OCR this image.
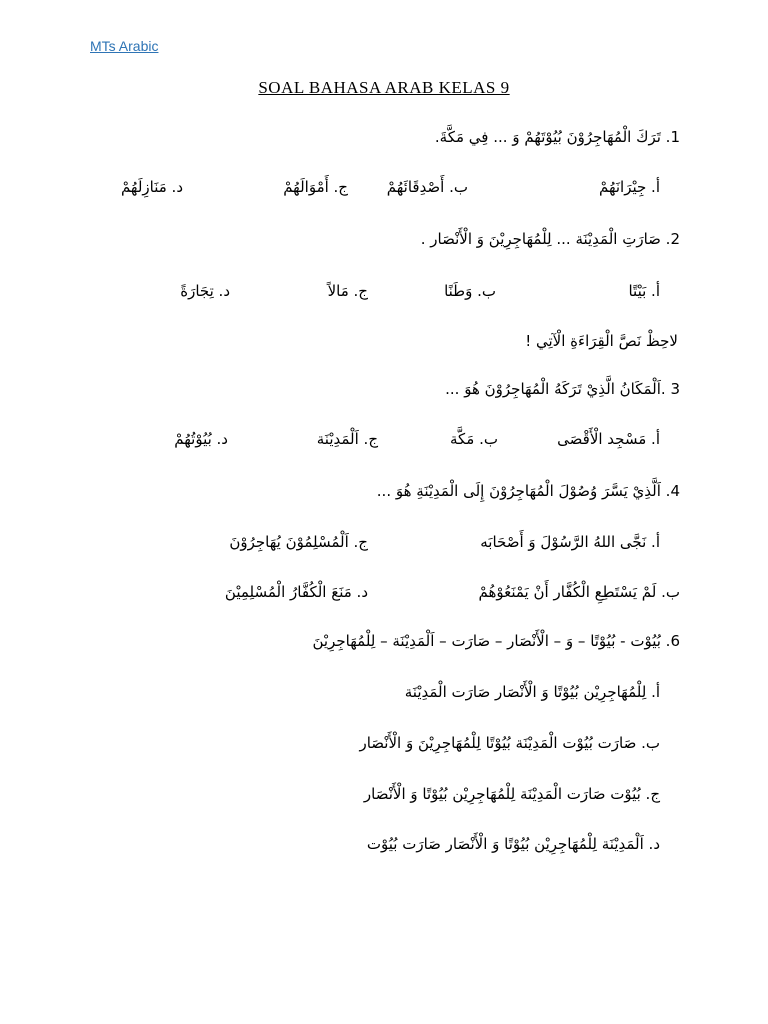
MTs Arabic
SOAL BAHASA ARAB KELAS 9
1. تَرَكَ الْمُهَاجِرُوْنَ بُيُوْتَهُمْ وَ ... فِي مَكَّةَ.
أ. جِيْرَانَهُمْ
ب. أَصْدِقَائَهُمْ
ج. أَمْوَالَهُمْ
د. مَنَازِلَهُمْ
2. صَارَتِ الْمَدِيْنَة ... لِلْمُهَاجِرِيْنَ وَ الْأَنْصَار .
أ. بَيْتًا
ب. وَطَنًا
ج. مَالاً
د. تِجَارَةً
لاحِظْ نَصَّ الْقِرَاءَةِ الْآتِي !
3 .اَلْمَكَانُ الَّذِيْ تَرَكَهُ الْمُهَاجِرُوْنَ هُوَ ...
أ. مَسْجِد الْأَقْصَى
ب. مَكَّة
ج. اَلْمَدِيْنَة
د. بُيُوْتُهُمْ
4. اَلَّذِيْ يَسَّرَ وُصُوْلَ الْمُهَاجِرُوْنَ إِلَى الْمَدِيْنَةِ هُوَ ...
أ. نَجَّى اللهُ الرَّسُوْلَ وَ أَصْحَابَه
ج. اَلْمُسْلِمُوْنَ يُهَاجِرُوْنَ
ب. لَمْ يَسْتَطِعِ الْكُفَّار أَنْ يَمْنَعُوْهُمْ
د. مَنَعَ الْكُفَّارُ الْمُسْلِمِيْنَ
6. بُيُوْت - بُيُوْتًا – وَ – الْأَنْصَار – صَارَت – اَلْمَدِيْنَة – لِلْمُهَاجِرِيْنَ
أ. لِلْمُهَاجِرِيْن بُيُوْتًا وَ الْأَنْصَار صَارَت الْمَدِيْنَة
ب. صَارَت بُيُوْت الْمَدِيْنَة بُيُوْتًا لِلْمُهَاجِرِيْنَ وَ الْأَنْصَار
ج. بُيُوْت صَارَت الْمَدِيْنَة لِلْمُهَاجِرِيْن بُيُوْتًا وَ الْأَنْصَار
د. اَلْمَدِيْنَة لِلْمُهَاجِرِيْن بُيُوْتًا وَ الْأَنْصَار صَارَت بُيُوْت
